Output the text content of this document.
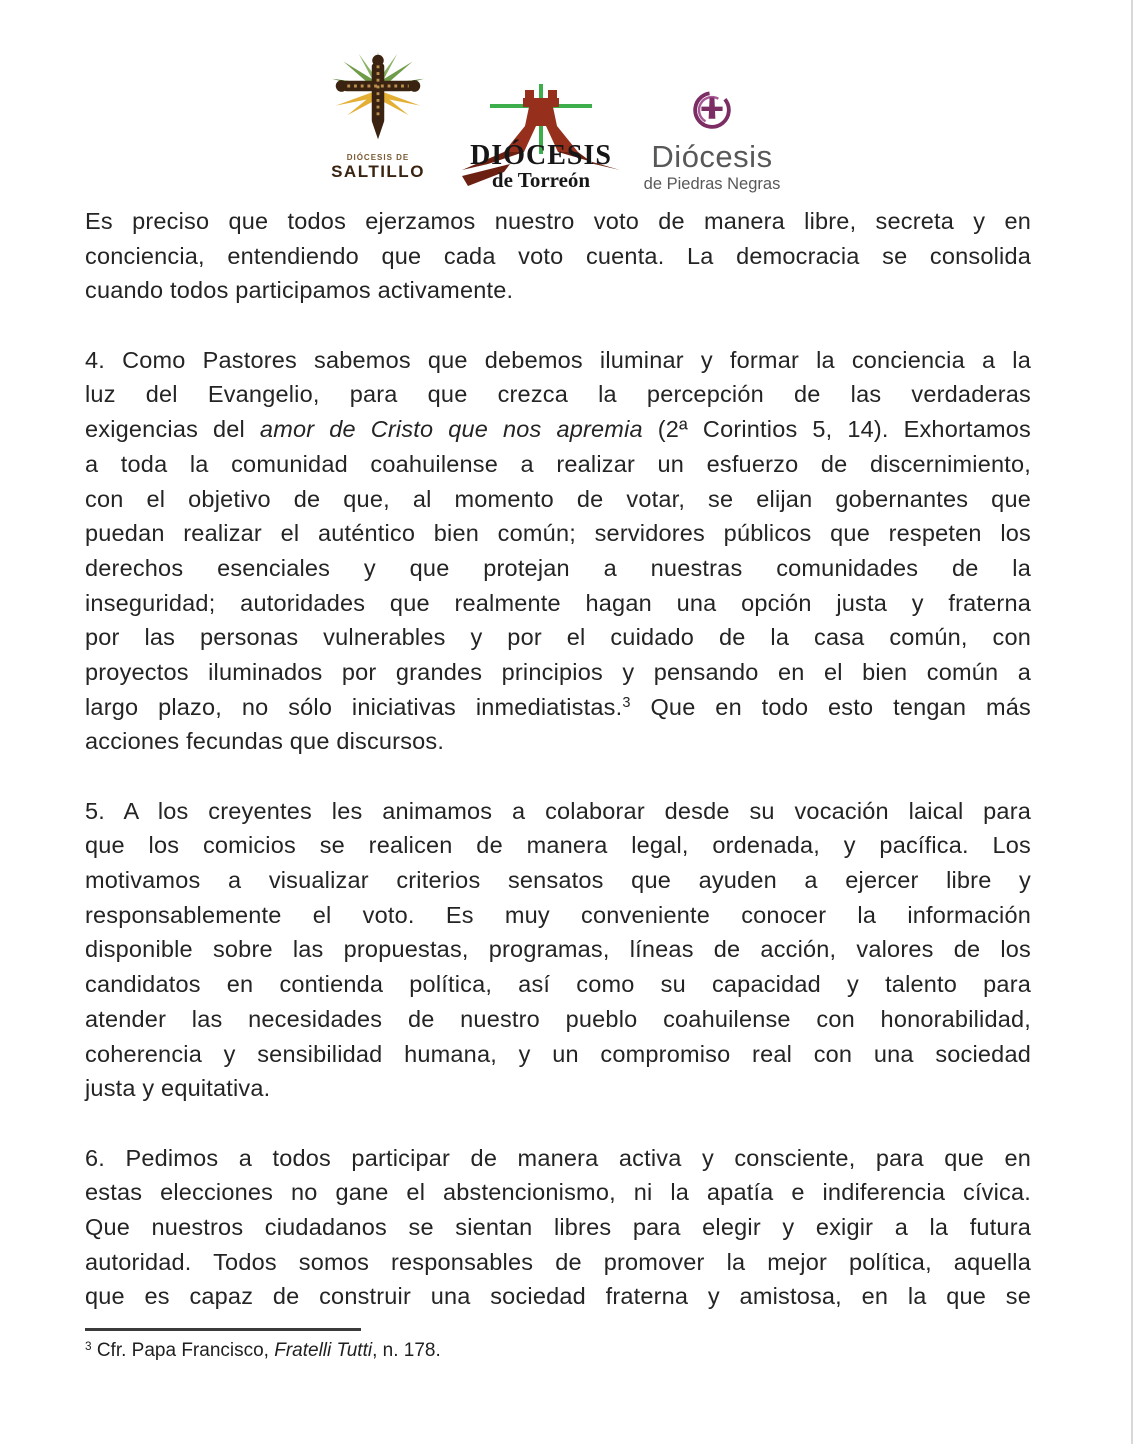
DIÓCESIS DE
SALTILLO
DIÓCESIS
de Torreón
Diócesis
de Piedras Negras
Es preciso que todos ejerzamos nuestro voto de manera libre, secreta y en
conciencia, entendiendo que cada voto cuenta. La democracia se consolida
cuando todos participamos activamente.
4. Como Pastores sabemos que debemos iluminar y formar la conciencia a la
luz del Evangelio, para que crezca la percepción de las verdaderas
exigencias del amor de Cristo que nos apremia (2ª Corintios 5, 14). Exhortamos
a toda la comunidad coahuilense a realizar un esfuerzo de discernimiento,
con el objetivo de que, al momento de votar, se elijan gobernantes que
puedan realizar el auténtico bien común; servidores públicos que respeten los
derechos esenciales y que protejan a nuestras comunidades de la
inseguridad; autoridades que realmente hagan una opción justa y fraterna
por las personas vulnerables y por el cuidado de la casa común, con
proyectos iluminados por grandes principios y pensando en el bien común a
largo plazo, no sólo iniciativas inmediatistas.$^3$ Que en todo esto tengan más
acciones fecundas que discursos.
5. A los creyentes les animamos a colaborar desde su vocación laical para
que los comicios se realicen de manera legal, ordenada, y pacífica. Los
motivamos a visualizar criterios sensatos que ayuden a ejercer libre y
responsablemente el voto. Es muy conveniente conocer la información
disponible sobre las propuestas, programas, líneas de acción, valores de los
candidatos en contienda política, así como su capacidad y talento para
atender las necesidades de nuestro pueblo coahuilense con honorabilidad,
coherencia y sensibilidad humana, y un compromiso real con una sociedad
justa y equitativa.
6. Pedimos a todos participar de manera activa y consciente, para que en
estas elecciones no gane el abstencionismo, ni la apatía e indiferencia cívica.
Que nuestros ciudadanos se sientan libres para elegir y exigir a la futura
autoridad. Todos somos responsables de promover la mejor política, aquella
que es capaz de construir una sociedad fraterna y amistosa, en la que se
$^3$ Cfr. Papa Francisco, Fratelli Tutti, n. 178.
